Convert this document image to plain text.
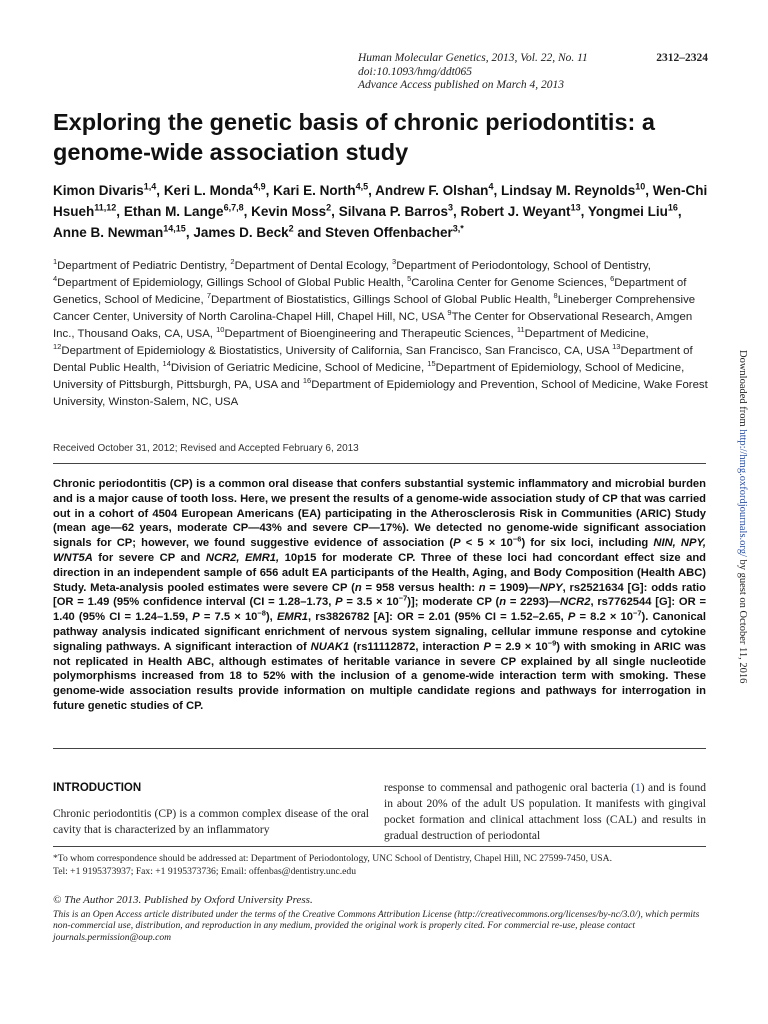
Human Molecular Genetics, 2013, Vol. 22, No. 11	2312–2324
doi:10.1093/hmg/ddt065
Advance Access published on March 4, 2013
Exploring the genetic basis of chronic periodontitis: a genome-wide association study
Kimon Divaris$^{1,4}$, Keri L. Monda$^{4,9}$, Kari E. North$^{4,5}$, Andrew F. Olshan$^4$, Lindsay M. Reynolds$^{10}$, Wen-Chi Hsueh$^{11,12}$, Ethan M. Lange$^{6,7,8}$, Kevin Moss$^2$, Silvana P. Barros$^3$, Robert J. Weyant$^{13}$, Yongmei Liu$^{16}$, Anne B. Newman$^{14,15}$, James D. Beck$^2$ and Steven Offenbacher$^{3,*}$
$^1$Department of Pediatric Dentistry, $^2$Department of Dental Ecology, $^3$Department of Periodontology, School of Dentistry, $^4$Department of Epidemiology, Gillings School of Global Public Health, $^5$Carolina Center for Genome Sciences, $^6$Department of Genetics, School of Medicine, $^7$Department of Biostatistics, Gillings School of Global Public Health, $^8$Lineberger Comprehensive Cancer Center, University of North Carolina-Chapel Hill, Chapel Hill, NC, USA $^9$The Center for Observational Research, Amgen Inc., Thousand Oaks, CA, USA, $^{10}$Department of Bioengineering and Therapeutic Sciences, $^{11}$Department of Medicine, $^{12}$Department of Epidemiology & Biostatistics, University of California, San Francisco, San Francisco, CA, USA $^{13}$Department of Dental Public Health, $^{14}$Division of Geriatric Medicine, School of Medicine, $^{15}$Department of Epidemiology, School of Medicine, University of Pittsburgh, Pittsburgh, PA, USA and $^{16}$Department of Epidemiology and Prevention, School of Medicine, Wake Forest University, Winston-Salem, NC, USA
Received October 31, 2012; Revised and Accepted February 6, 2013
Chronic periodontitis (CP) is a common oral disease that confers substantial systemic inflammatory and microbial burden and is a major cause of tooth loss. Here, we present the results of a genome-wide association study of CP that was carried out in a cohort of 4504 European Americans (EA) participating in the Atherosclerosis Risk in Communities (ARIC) Study (mean age—62 years, moderate CP—43% and severe CP—17%). We detected no genome-wide significant association signals for CP; however, we found suggestive evidence of association $(P < 5 \times 10^{-6})$ for six loci, including NIN, NPY, WNT5A for severe CP and NCR2, EMR1, 10p15 for moderate CP. Three of these loci had concordant effect size and direction in an independent sample of 656 adult EA participants of the Health, Aging, and Body Composition (Health ABC) Study. Meta-analysis pooled estimates were severe CP (n = 958 versus health: n = 1909)—NPY, rs2521634 [G]: odds ratio [OR = 1.49 (95% confidence interval (CI = 1.28–1.73, $P = 3.5 \times 10^{-7}$)]; moderate CP (n = 2293)—NCR2, rs7762544 [G]: OR = 1.40 (95% CI = 1.24–1.59, $P = 7.5 \times 10^{-8}$), EMR1, rs3826782 [A]: OR = 2.01 (95% CI = 1.52–2.65, $P = 8.2 \times 10^{-7}$). Canonical pathway analysis indicated significant enrichment of nervous system signaling, cellular immune response and cytokine signaling pathways. A significant interaction of NUAK1 (rs11112872, interaction $P = 2.9 \times 10^{-9}$) with smoking in ARIC was not replicated in Health ABC, although estimates of heritable variance in severe CP explained by all single nucleotide polymorphisms increased from 18 to 52% with the inclusion of a genome-wide interaction term with smoking. These genome-wide association results provide information on multiple candidate regions and pathways for interrogation in future genetic studies of CP.
INTRODUCTION
Chronic periodontitis (CP) is a common complex disease of the oral cavity that is characterized by an inflammatory
response to commensal and pathogenic oral bacteria (1) and is found in about 20% of the adult US population. It manifests with gingival pocket formation and clinical attachment loss (CAL) and results in gradual destruction of periodontal
*To whom correspondence should be addressed at: Department of Periodontology, UNC School of Dentistry, Chapel Hill, NC 27599-7450, USA.
Tel: +1 9195373937; Fax: +1 9195373736; Email: offenbas@dentistry.unc.edu
© The Author 2013. Published by Oxford University Press.
This is an Open Access article distributed under the terms of the Creative Commons Attribution License (http://creativecommons.org/licenses/by-nc/3.0/), which permits non-commercial use, distribution, and reproduction in any medium, provided the original work is properly cited. For commercial re-use, please contact journals.permission@oup.com
Downloaded from http://hmg.oxfordjournals.org/ by guest on October 11, 2016
